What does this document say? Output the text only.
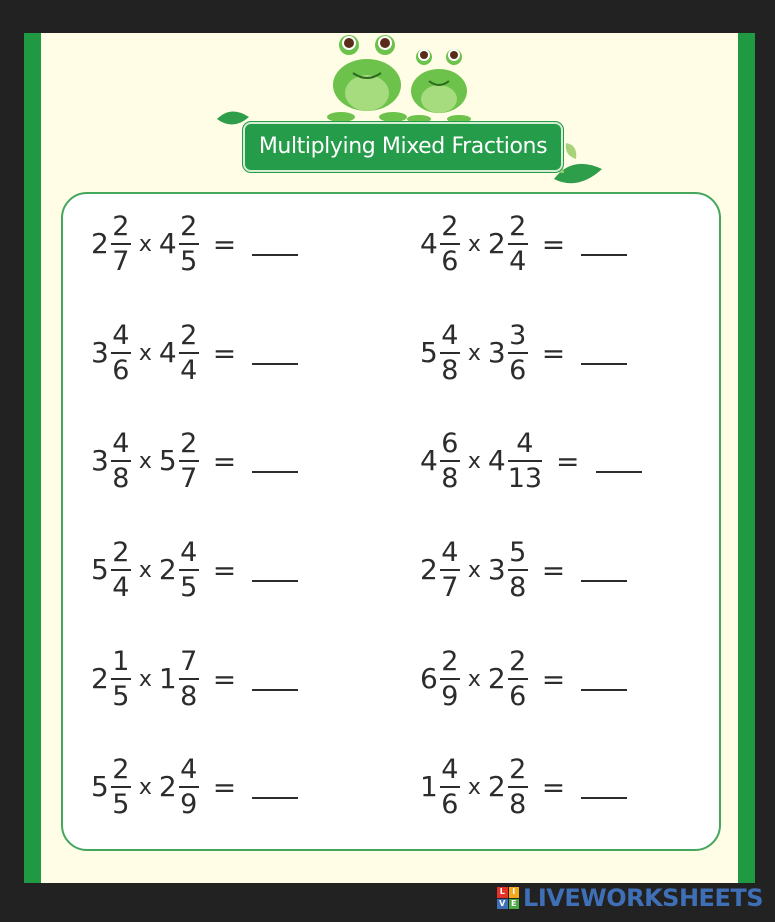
Multiplying Mixed Fractions
$2 \frac{2}{7}$ x $4 \frac{2}{5}$ =	$4 \frac{2}{6}$ x $2 \frac{2}{4}$ =
$3 \frac{4}{6}$ x $4 \frac{2}{4}$ =	$5 \frac{4}{8}$ x $3 \frac{3}{6}$ =
$3 \frac{4}{8}$ x $5 \frac{2}{7}$ =	$4 \frac{6}{8}$ x $4 \frac{4}{13}$ =
$5 \frac{2}{4}$ x $2 \frac{4}{5}$ =	$2 \frac{4}{7}$ x $3 \frac{5}{8}$ =
$2 \frac{1}{5}$ x $1 \frac{7}{8}$ =	$6 \frac{2}{9}$ x $2 \frac{2}{6}$ =
$5 \frac{2}{5}$ x $2 \frac{4}{9}$ =	$1 \frac{4}{6}$ x $2 \frac{2}{8}$ =
L I
V E LIVEWORKSHEETS
